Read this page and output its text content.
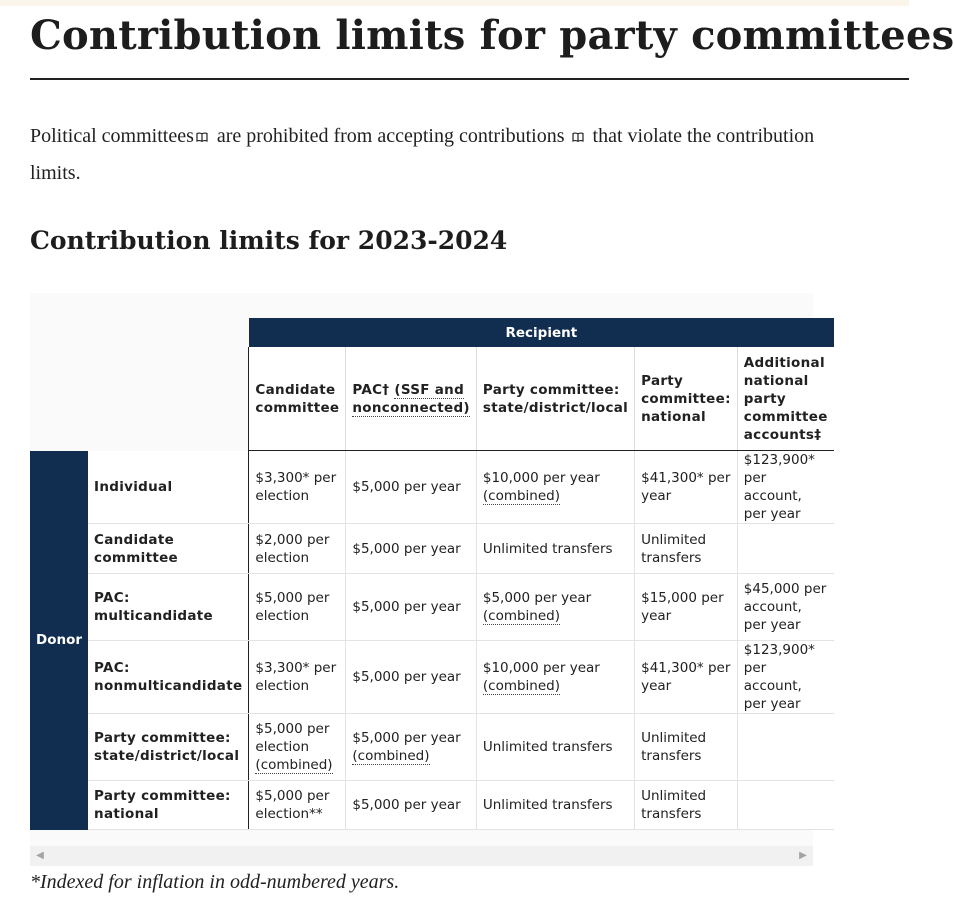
Contribution limits for party committees

Political committees are prohibited from accepting contributions that violate the contribution limits.

Contribution limits for 2023-2024
		Recipient				
		Candidate committee	PAC† (SSF and nonconnected)	Party committee: state/district/local	Party committee: national	Additional national party committee accounts‡
Donor	Individual	$3,300* per election	$5,000 per year	$10,000 per year (combined)	$41,300* per year	$123,900* per account, per year
	Candidate committee	$2,000 per election	$5,000 per year	Unlimited transfers	Unlimited transfers	
	PAC: multicandidate	$5,000 per election	$5,000 per year	$5,000 per year (combined)	$15,000 per year	$45,000 per account, per year
	PAC: nonmulticandidate	$3,300* per election	$5,000 per year	$10,000 per year (combined)	$41,300* per year	$123,900* per account, per year
	Party committee: state/district/local	$5,000 per election (combined)	$5,000 per year (combined)	Unlimited transfers	Unlimited transfers	
	Party committee: national	$5,000 per election**	$5,000 per year	Unlimited transfers	Unlimited transfers	
◀	▶

*Indexed for inflation in odd-numbered years.
